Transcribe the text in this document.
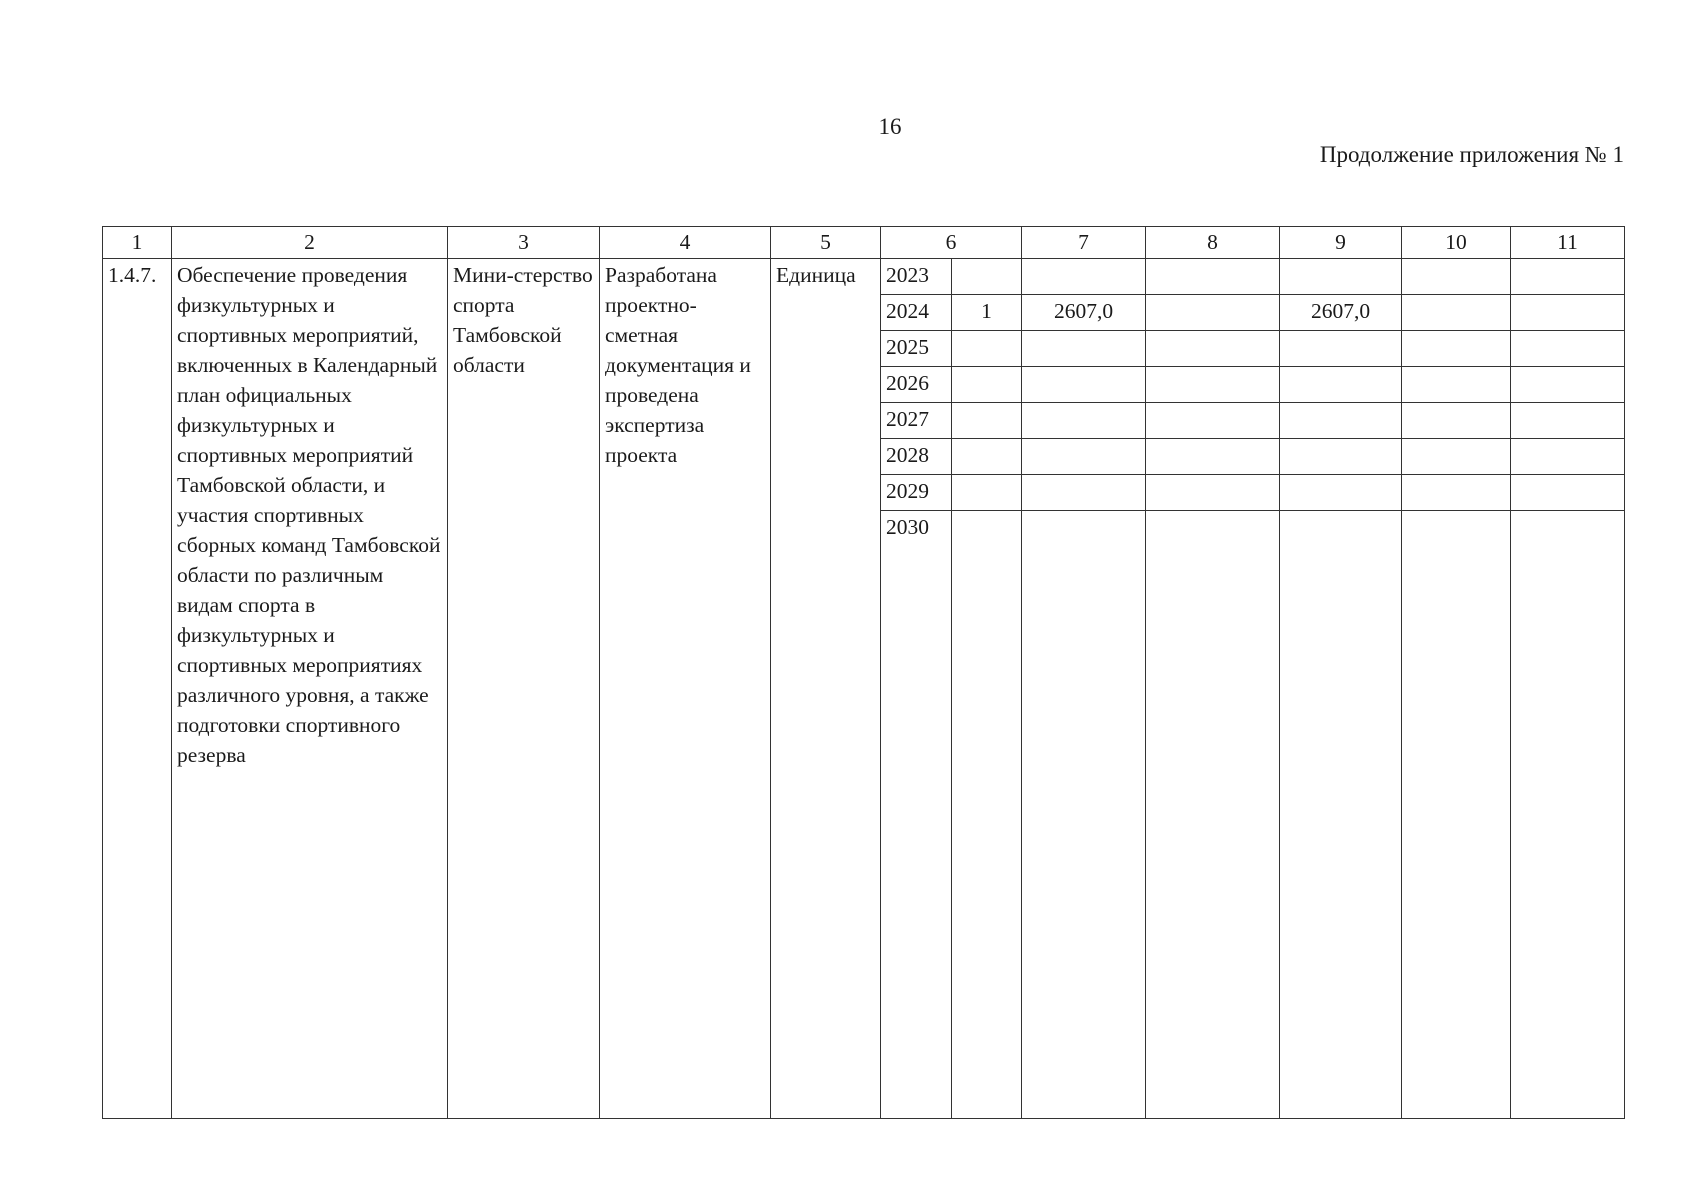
16
Продолжение приложения № 1
1	2	3	4	5	6		7	8	9	10	11
1.4.7.	Обеспечение проведения физкультурных и спортивных мероприятий, включенных в Календарный план официальных физкультурных и спортивных мероприятий Тамбовской области, и участия спортивных сборных команд Тамбовской области по различным видам спорта в физкультурных и спортивных мероприятиях различного уровня, а также подготовки спортивного резерва	Мини-стерство спорта Тамбовской области	Разработана проектно-сметная документация и проведена экспертиза проекта	Единица	2023						
					2024	1	2607,0		2607,0		
					2025						
					2026						
					2027						
					2028						
					2029						
					2030						
